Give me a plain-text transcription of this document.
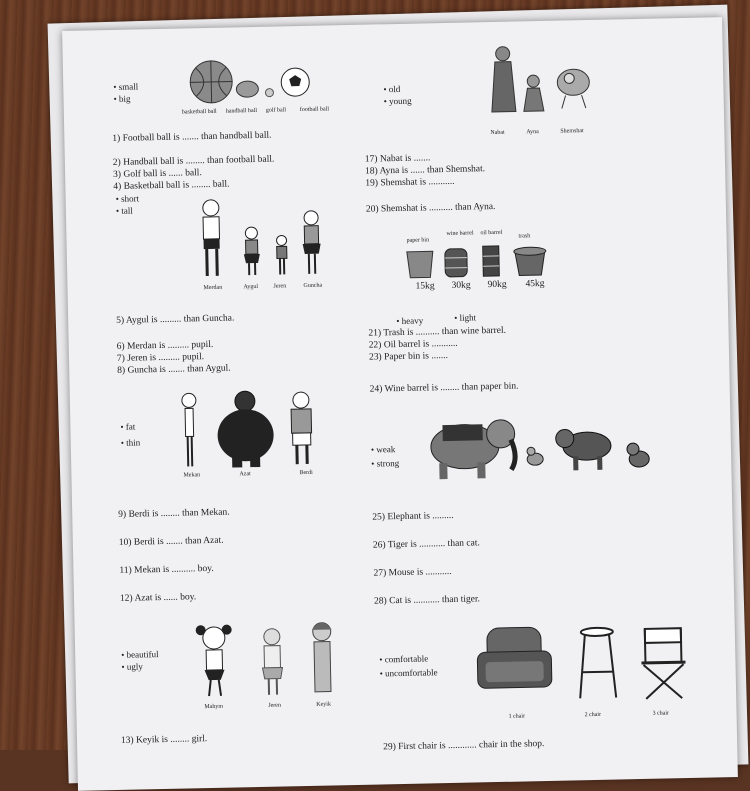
• small
• big
basketball ball handball ball golf ball football ball
1) Football ball is ....... than handball ball.
2) Handball ball is ........ than football ball.
3) Golf ball is ...... ball.
4) Basketball ball is ........ ball.
• short
• tall
Merdan	Aygul	Jeren	Guncha
5) Aygul is ......... than Guncha.
6) Merdan is ......... pupil.
7) Jeren is ......... pupil.
8) Guncha is ....... than Aygul.
• fat
• thin
Mekan	Azat	Berdi
9) Berdi is ........ than Mekan.
10) Berdi is ....... than Azat.
11) Mekan is .......... boy.
12) Azat is ...... boy.
• beautiful
• ugly
Mahym	Jeren	Keyik
13) Keyik is ........ girl.
• old
• young
Nabat	Ayna	Shemshat
17) Nabat is .......
18) Ayna is ...... than Shemshat.
19) Shemshat is ...........
20) Shemshat is .......... than Ayna.
paper bin
wine barrel oil barrel
trash
15kg 30kg 90kg 45kg
• heavy
•	light
21) Trash is .......... than wine barrel.
22) Oil barrel is ...........
23) Paper bin is .......
24) Wine barrel is ........ than paper bin.
• weak
• strong
25) Elephant is .........
26) Tiger is ........... than cat.
27) Mouse is ...........
28) Cat is ........... than tiger.
• comfortable
• uncomfortable
1 chair	2 chair	3 chair
29) First chair is ............ chair in the shop.
